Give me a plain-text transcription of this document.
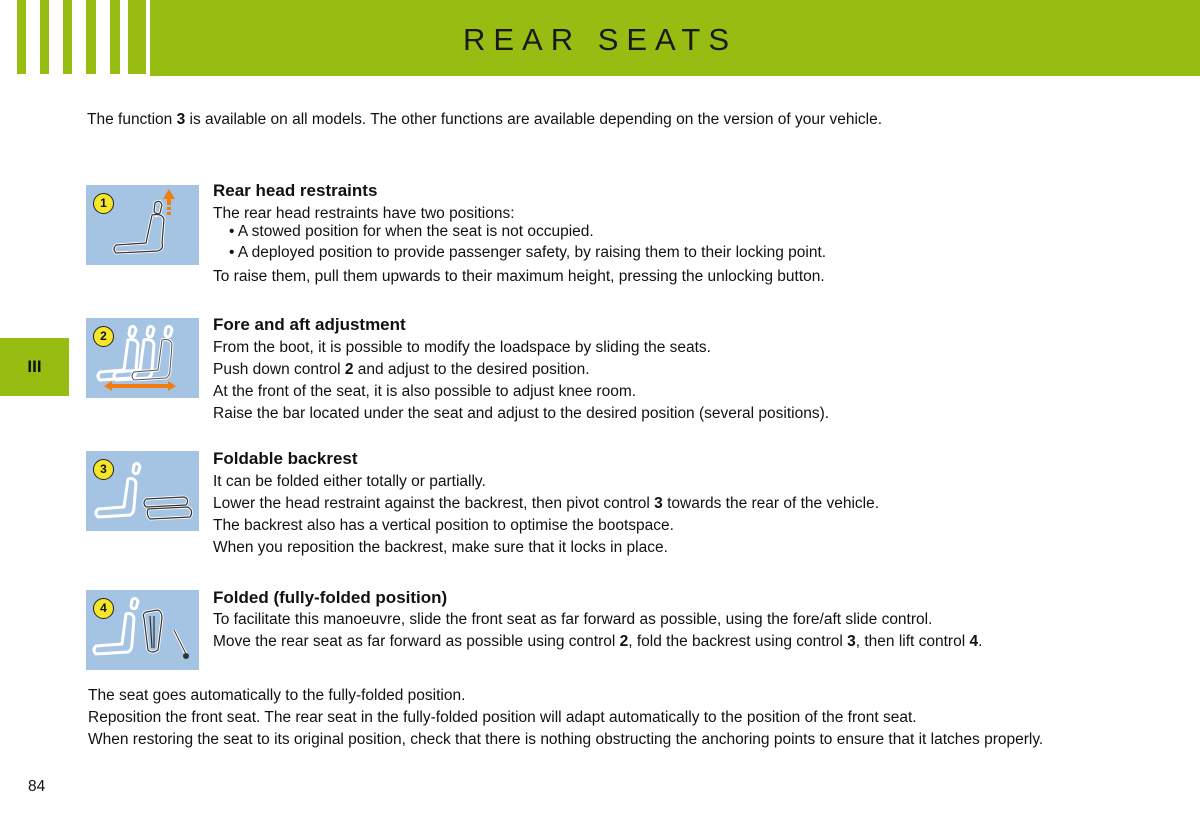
REAR SEATS
The function 3 is available on all models. The other functions are available depending on the version of your vehicle.
III
1
Rear head restraints

The rear head restraints have two positions:

• A stowed position for when the seat is not occupied.

• A deployed position to provide passenger safety, by raising them to their locking point.

To raise them, pull them upwards to their maximum height, pressing the unlocking button.

2
Fore and aft adjustment

From the boot, it is possible to modify the loadspace by sliding the seats.

Push down control 2 and adjust to the desired position.

At the front of the seat, it is also possible to adjust knee room.

Raise the bar located under the seat and adjust to the desired position (several positions).

3
Foldable backrest

It can be folded either totally or partially.

Lower the head restraint against the backrest, then pivot control 3 towards the rear of the vehicle.

The backrest also has a vertical position to optimise the bootspace.

When you reposition the backrest, make sure that it locks in place.

4
Folded (fully-folded position)

To facilitate this manoeuvre, slide the front seat as far forward as possible, using the fore/aft slide control.

Move the rear seat as far forward as possible using control 2, fold the backrest using control 3, then lift control 4.

The seat goes automatically to the fully-folded position.

Reposition the front seat. The rear seat in the fully-folded position will adapt automatically to the position of the front seat.

When restoring the seat to its original position, check that there is nothing obstructing the anchoring points to ensure that it latches properly.

84
